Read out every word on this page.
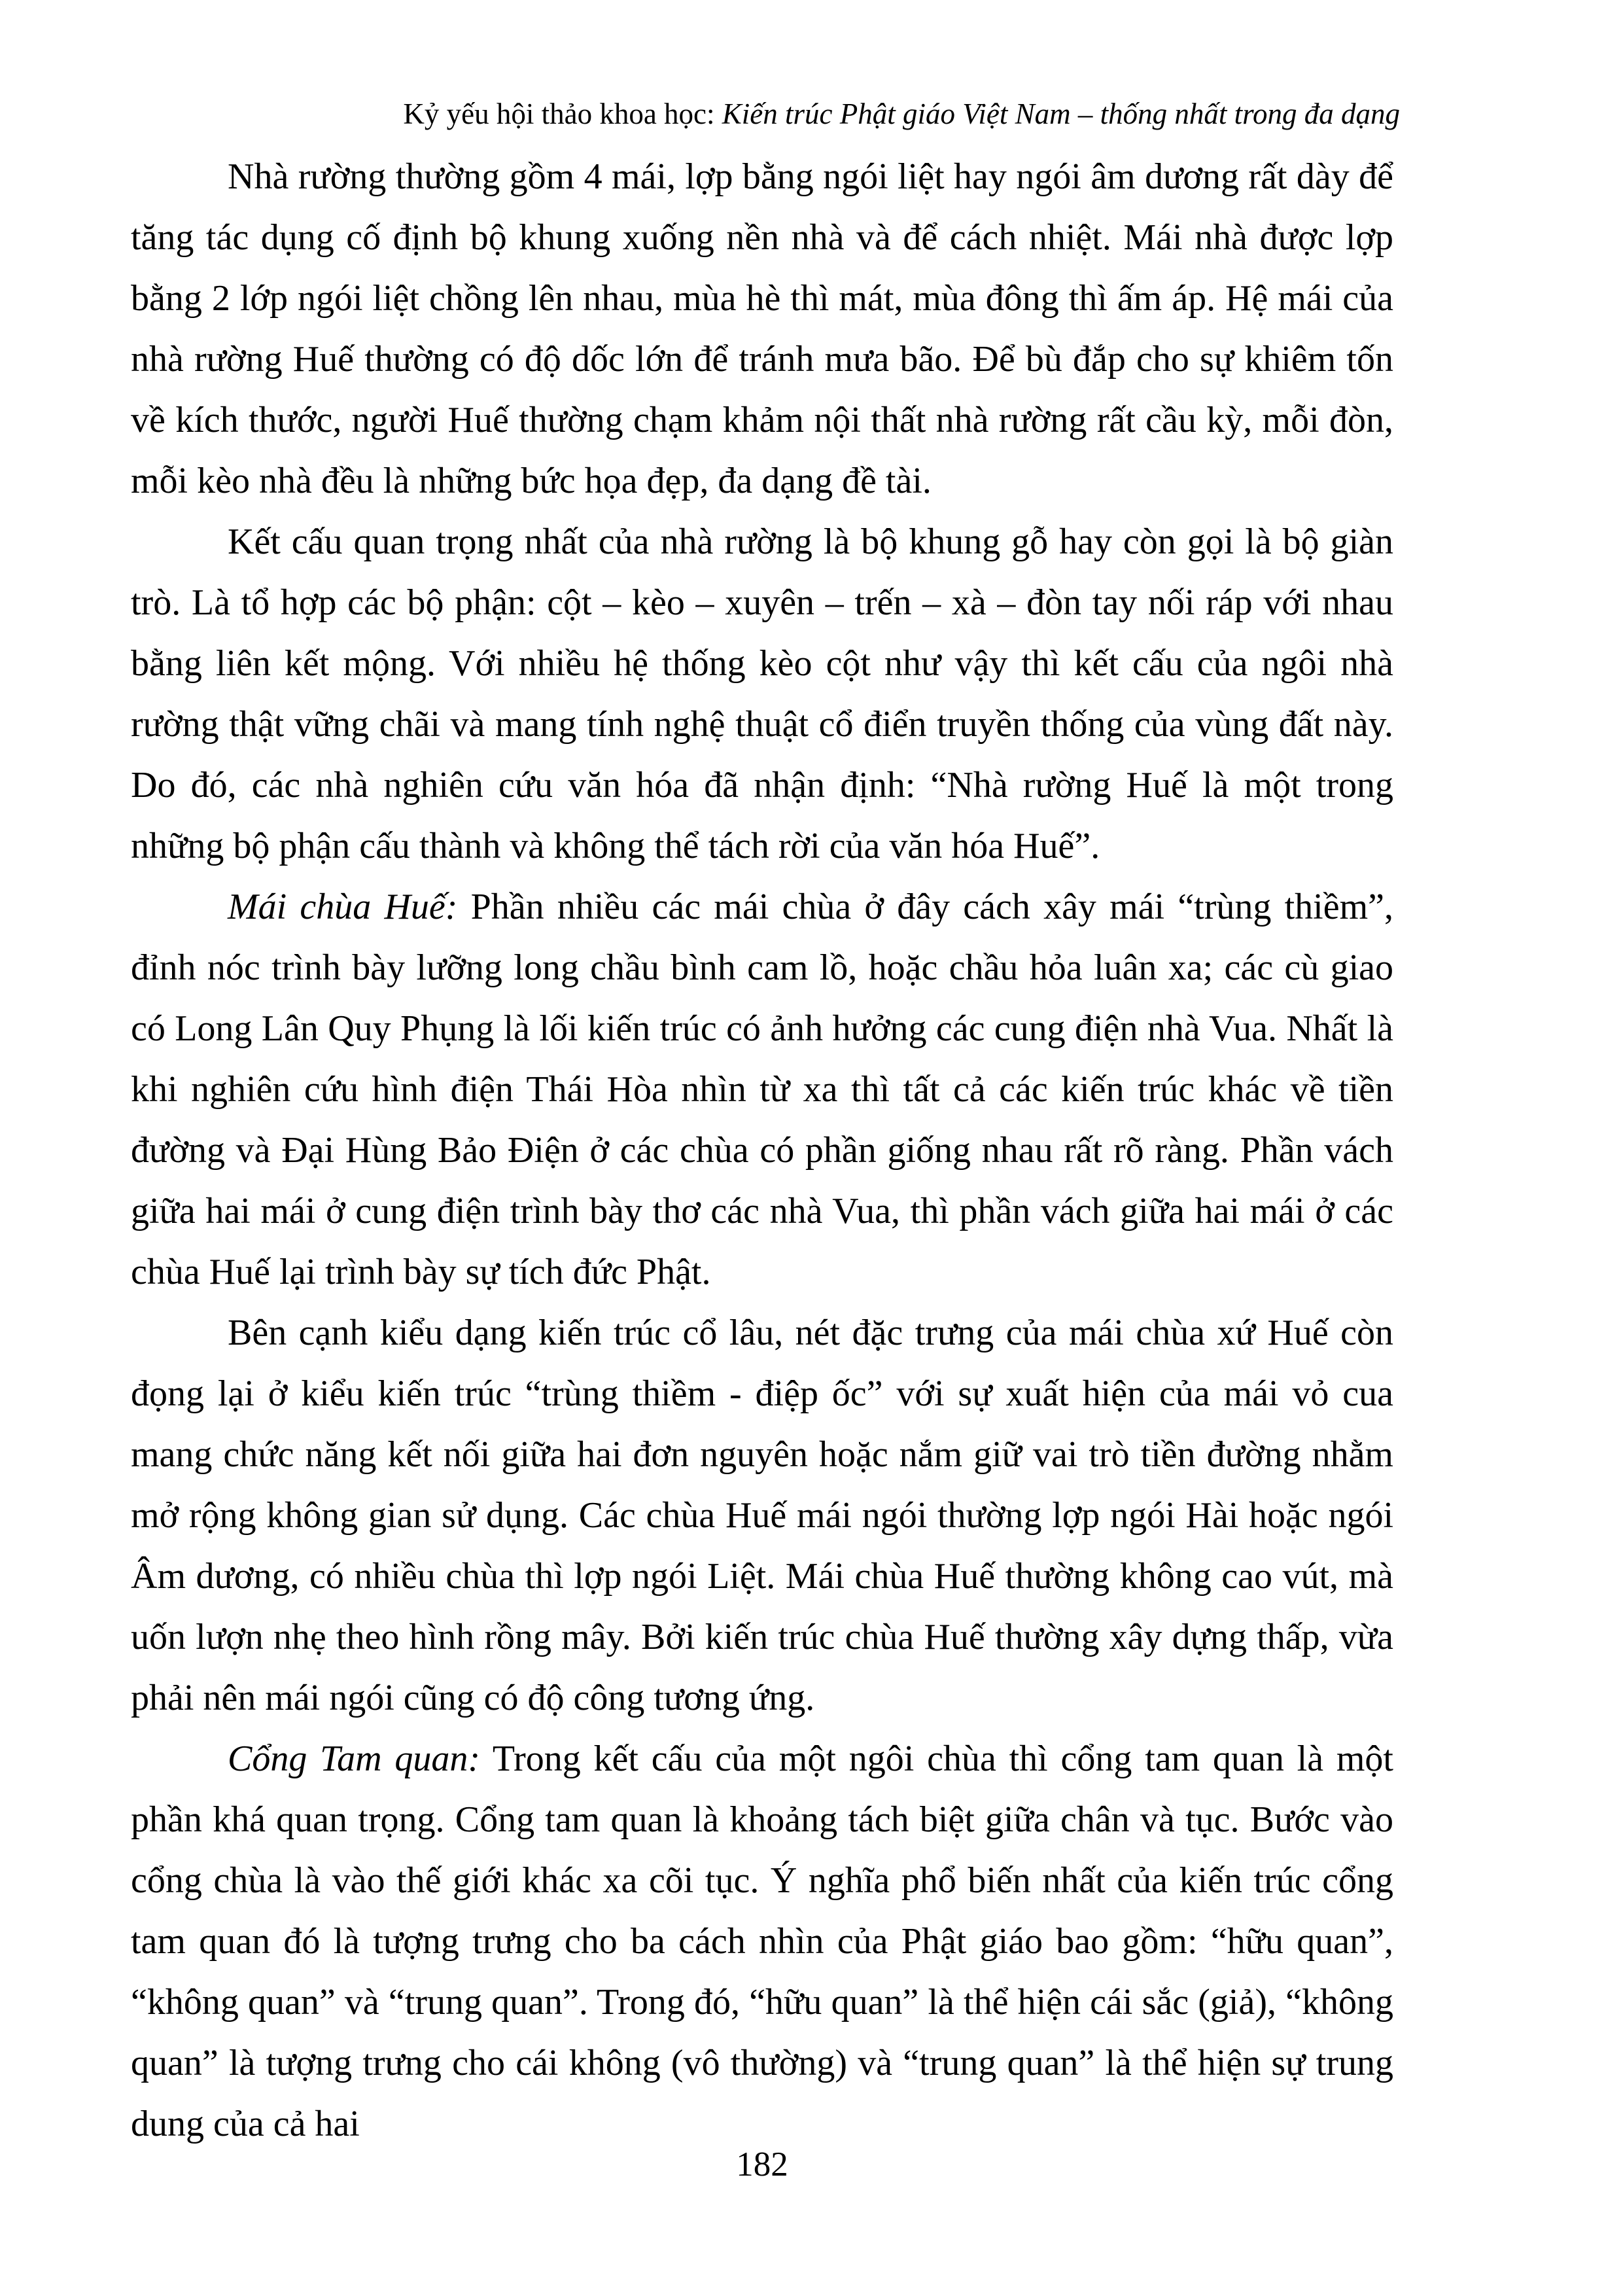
Kỷ yếu hội thảo khoa học: Kiến trúc Phật giáo Việt Nam – thống nhất trong đa dạng

Nhà rường thường gồm 4 mái, lợp bằng ngói liệt hay ngói âm dương rất dày để tăng tác dụng cố định bộ khung xuống nền nhà và để cách nhiệt. Mái nhà được lợp bằng 2 lớp ngói liệt chồng lên nhau, mùa hè thì mát, mùa đông thì ấm áp. Hệ mái của nhà rường Huế thường có độ dốc lớn để tránh mưa bão. Để bù đắp cho sự khiêm tốn về kích thước, người Huế thường chạm khảm nội thất nhà rường rất cầu kỳ, mỗi đòn, mỗi kèo nhà đều là những bức họa đẹp, đa dạng đề tài.

Kết cấu quan trọng nhất của nhà rường là bộ khung gỗ hay còn gọi là bộ giàn trò. Là tổ hợp các bộ phận: cột – kèo – xuyên – trến – xà – đòn tay nối ráp với nhau bằng liên kết mộng. Với nhiều hệ thống kèo cột như vậy thì kết cấu của ngôi nhà rường thật vững chãi và mang tính nghệ thuật cổ điển truyền thống của vùng đất này. Do đó, các nhà nghiên cứu văn hóa đã nhận định: “Nhà rường Huế là một trong những bộ phận cấu thành và không thể tách rời của văn hóa Huế”.

Mái chùa Huế: Phần nhiều các mái chùa ở đây cách xây mái “trùng thiềm”, đỉnh nóc trình bày lưỡng long chầu bình cam lồ, hoặc chầu hỏa luân xa; các cù giao có Long Lân Quy Phụng là lối kiến trúc có ảnh hưởng các cung điện nhà Vua. Nhất là khi nghiên cứu hình điện Thái Hòa nhìn từ xa thì tất cả các kiến trúc khác về tiền đường và Đại Hùng Bảo Điện ở các chùa có phần giống nhau rất rõ ràng. Phần vách giữa hai mái ở cung điện trình bày thơ các nhà Vua, thì phần vách giữa hai mái ở các chùa Huế lại trình bày sự tích đức Phật.

Bên cạnh kiểu dạng kiến trúc cổ lâu, nét đặc trưng của mái chùa xứ Huế còn đọng lại ở kiểu kiến trúc “trùng thiềm - điệp ốc” với sự xuất hiện của mái vỏ cua mang chức năng kết nối giữa hai đơn nguyên hoặc nắm giữ vai trò tiền đường nhằm mở rộng không gian sử dụng. Các chùa Huế mái ngói thường lợp ngói Hài hoặc ngói Âm dương, có nhiều chùa thì lợp ngói Liệt. Mái chùa Huế thường không cao vút, mà uốn lượn nhẹ theo hình rồng mây. Bởi kiến trúc chùa Huế thường xây dựng thấp, vừa phải nên mái ngói cũng có độ công tương ứng.

Cổng Tam quan: Trong kết cấu của một ngôi chùa thì cổng tam quan là một phần khá quan trọng. Cổng tam quan là khoảng tách biệt giữa chân và tục. Bước vào cổng chùa là vào thế giới khác xa cõi tục. Ý nghĩa phổ biến nhất của kiến trúc cổng tam quan đó là tượng trưng cho ba cách nhìn của Phật giáo bao gồm: “hữu quan”, “không quan” và “trung quan”. Trong đó, “hữu quan” là thể hiện cái sắc (giả), “không quan” là tượng trưng cho cái không (vô thường) và “trung quan” là thể hiện sự trung dung của cả hai

182
